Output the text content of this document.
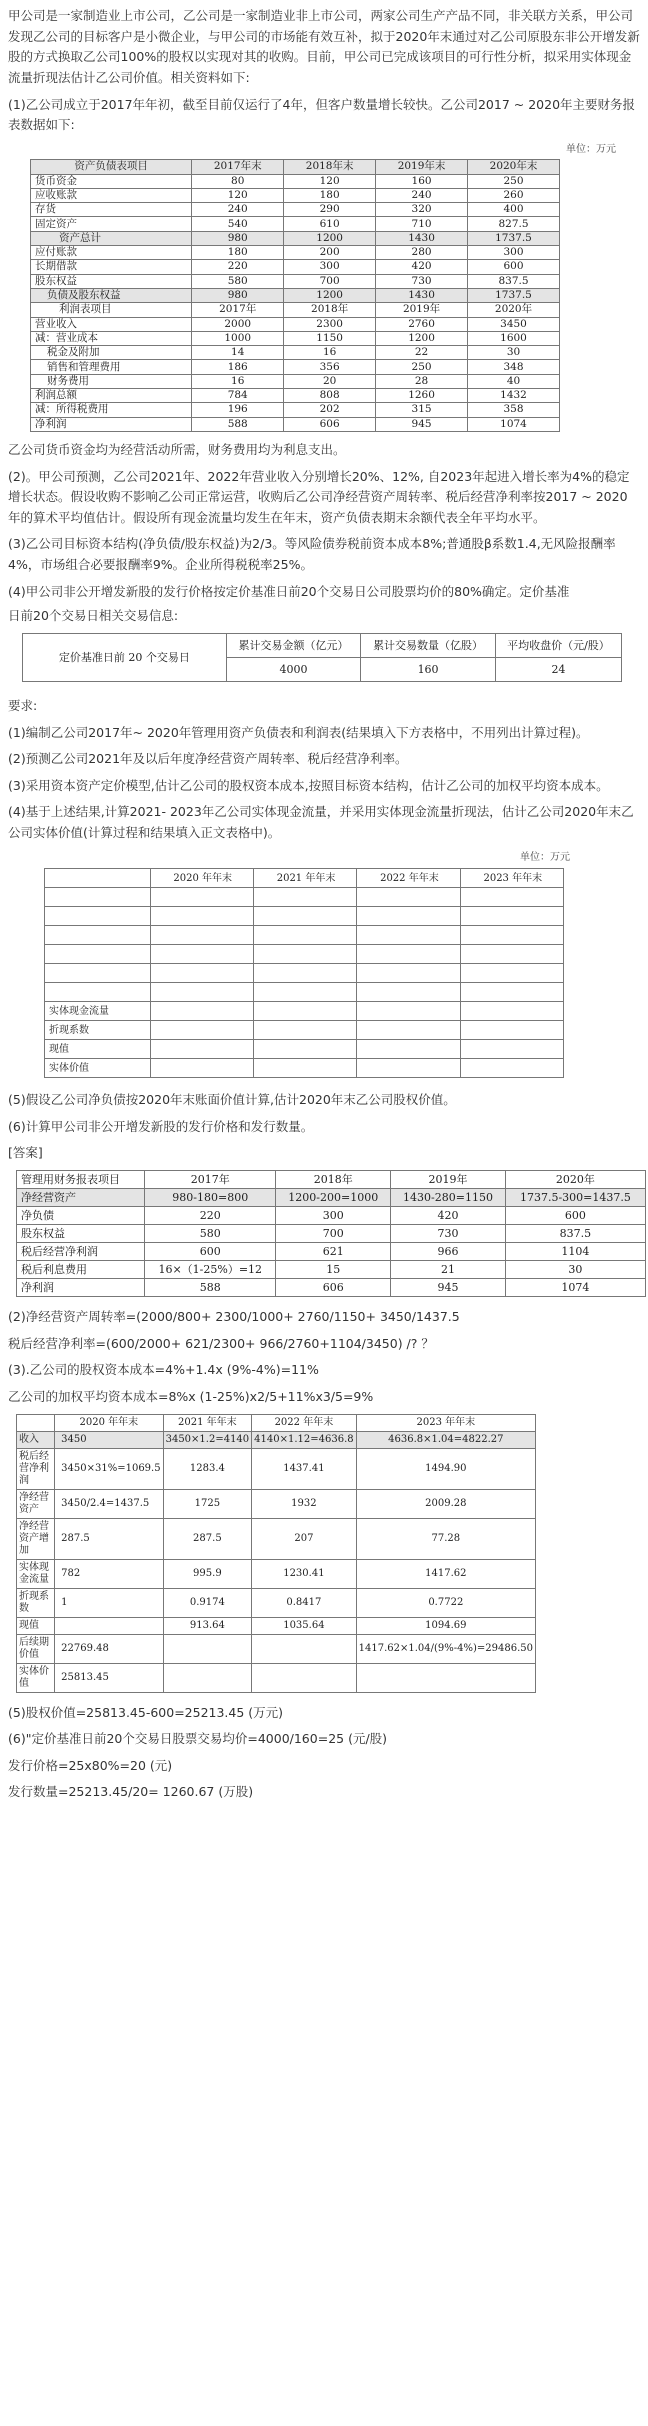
甲公司是一家制造业上市公司，乙公司是一家制造业非上市公司，两家公司生产产品不同，非关联方关系，甲公司发现乙公司的目标客户是小微企业，与甲公司的市场能有效互补，拟于2020年末通过对乙公司原股东非公开增发新股的方式换取乙公司100%的股权以实现对其的收购。目前，甲公司已完成该项目的可行性分析，拟采用实体现金流量折现法估计乙公司价值。相关资料如下:

(1)乙公司成立于2017年年初，截至目前仅运行了4年，但客户数量增长较快。乙公司2017 ~ 2020年主要财务报表数据如下:

单位：万元
资产负债表项目	2017年末	2018年末	2019年末	2020年末
货币资金	80	120	160	250
应收账款	120	180	240	260
存货	240	290	320	400
固定资产	540	610	710	827.5
资产总计	980	1200	1430	1737.5
应付账款	180	200	280	300
长期借款	220	300	420	600
股东权益	580	700	730	837.5
负债及股东权益	980	1200	1430	1737.5
利润表项目	2017年	2018年	2019年	2020年
营业收入	2000	2300	2760	3450
减：营业成本	1000	1150	1200	1600
税金及附加	14	16	22	30
销售和管理费用	186	356	250	348
财务费用	16	20	28	40
利润总额	784	808	1260	1432
减：所得税费用	196	202	315	358
净利润	588	606	945	1074

乙公司货币资金均为经营活动所需，财务费用均为利息支出。

(2)。甲公司预测，乙公司2021年、2022年营业收入分别增长20%、12%, 自2023年起进入增长率为4%的稳定增长状态。假设收购不影响乙公司正常运营，收购后乙公司净经营资产周转率、税后经营净利率按2017 ~ 2020年的算术平均值估计。假设所有现金流量均发生在年末，资产负债表期末余额代表全年平均水平。

(3)乙公司目标资本结构(净负债/股东权益)为2/3。等风险债券税前资本成本8%;普通股β系数1.4,无风险报酬率4%，市场组合必要报酬率9%。企业所得税税率25%。

(4)甲公司非公开增发新股的发行价格按定价基准日前20个交易日公司股票均价的80%确定。定价基准

日前20个交易日相关交易信息:

定价基准日前 20 个交易日	累计交易金额（亿元）	累计交易数量（亿股）	平均收盘价（元/股）
	4000	160	24

要求:

(1)编制乙公司2017年~ 2020年管理用资产负债表和利润表(结果填入下方表格中，不用列出计算过程)。

(2)预测乙公司2021年及以后年度净经营资产周转率、税后经营净利率。

(3)采用资本资产定价模型,估计乙公司的股权资本成本,按照目标资本结构，估计乙公司的加权平均资本成本。

(4)基于上述结果,计算2021- 2023年乙公司实体现金流量，并采用实体现金流量折现法，估计乙公司2020年末乙公司实体价值(计算过程和结果填入正文表格中)。

单位：万元
	2020 年年末	2021 年年末	2022 年年末	2023 年年末

实体现金流量				
折现系数				
现值				
实体价值				

(5)假设乙公司净负债按2020年末账面价值计算,估计2020年末乙公司股权价值。

(6)计算甲公司非公开增发新股的发行价格和发行数量。

[答案]

管理用财务报表项目	2017年	2018年	2019年	2020年
净经营资产	980-180=800	1200-200=1000	1430-280=1150	1737.5-300=1437.5
净负债	220	300	420	600
股东权益	580	700	730	837.5
税后经营净利润	600	621	966	1104
税后利息费用	16×（1-25%）=12	15	21	30
净利润	588	606	945	1074

(2)净经营资产周转率=(2000/800+ 2300/1000+ 2760/1150+ 3450/1437.5

税后经营净利率=(600/2000+ 621/2300+ 966/2760+1104/3450) /? ？

(3).乙公司的股权资本成本=4%+1.4x (9%-4%)=11%

乙公司的加权平均资本成本=8%x (1-25%)x2/5+11%x3/5=9%

	2020 年年末	2021 年年末	2022 年年末	2023 年年末
收入	3450	3450×1.2=4140	4140×1.12=4636.8	4636.8×1.04=4822.27
税后经营净利润	3450×31%=1069.5	1283.4	1437.41	1494.90
净经营资产	3450/2.4=1437.5	1725	1932	2009.28
净经营资产增加	287.5	287.5	207	77.28
实体现金流量	782	995.9	1230.41	1417.62
折现系数	1	0.9174	0.8417	0.7722
现值		913.64	1035.64	1094.69
后续期价值	22769.48			1417.62×1.04/(9%-4%)=29486.50
实体价值	25813.45			

(5)股权价值=25813.45-600=25213.45 (万元)

(6)"定价基准日前20个交易日股票交易均价=4000/160=25 (元/股)

发行价格=25x80%=20 (元)

发行数量=25213.45/20= 1260.67 (万股)
